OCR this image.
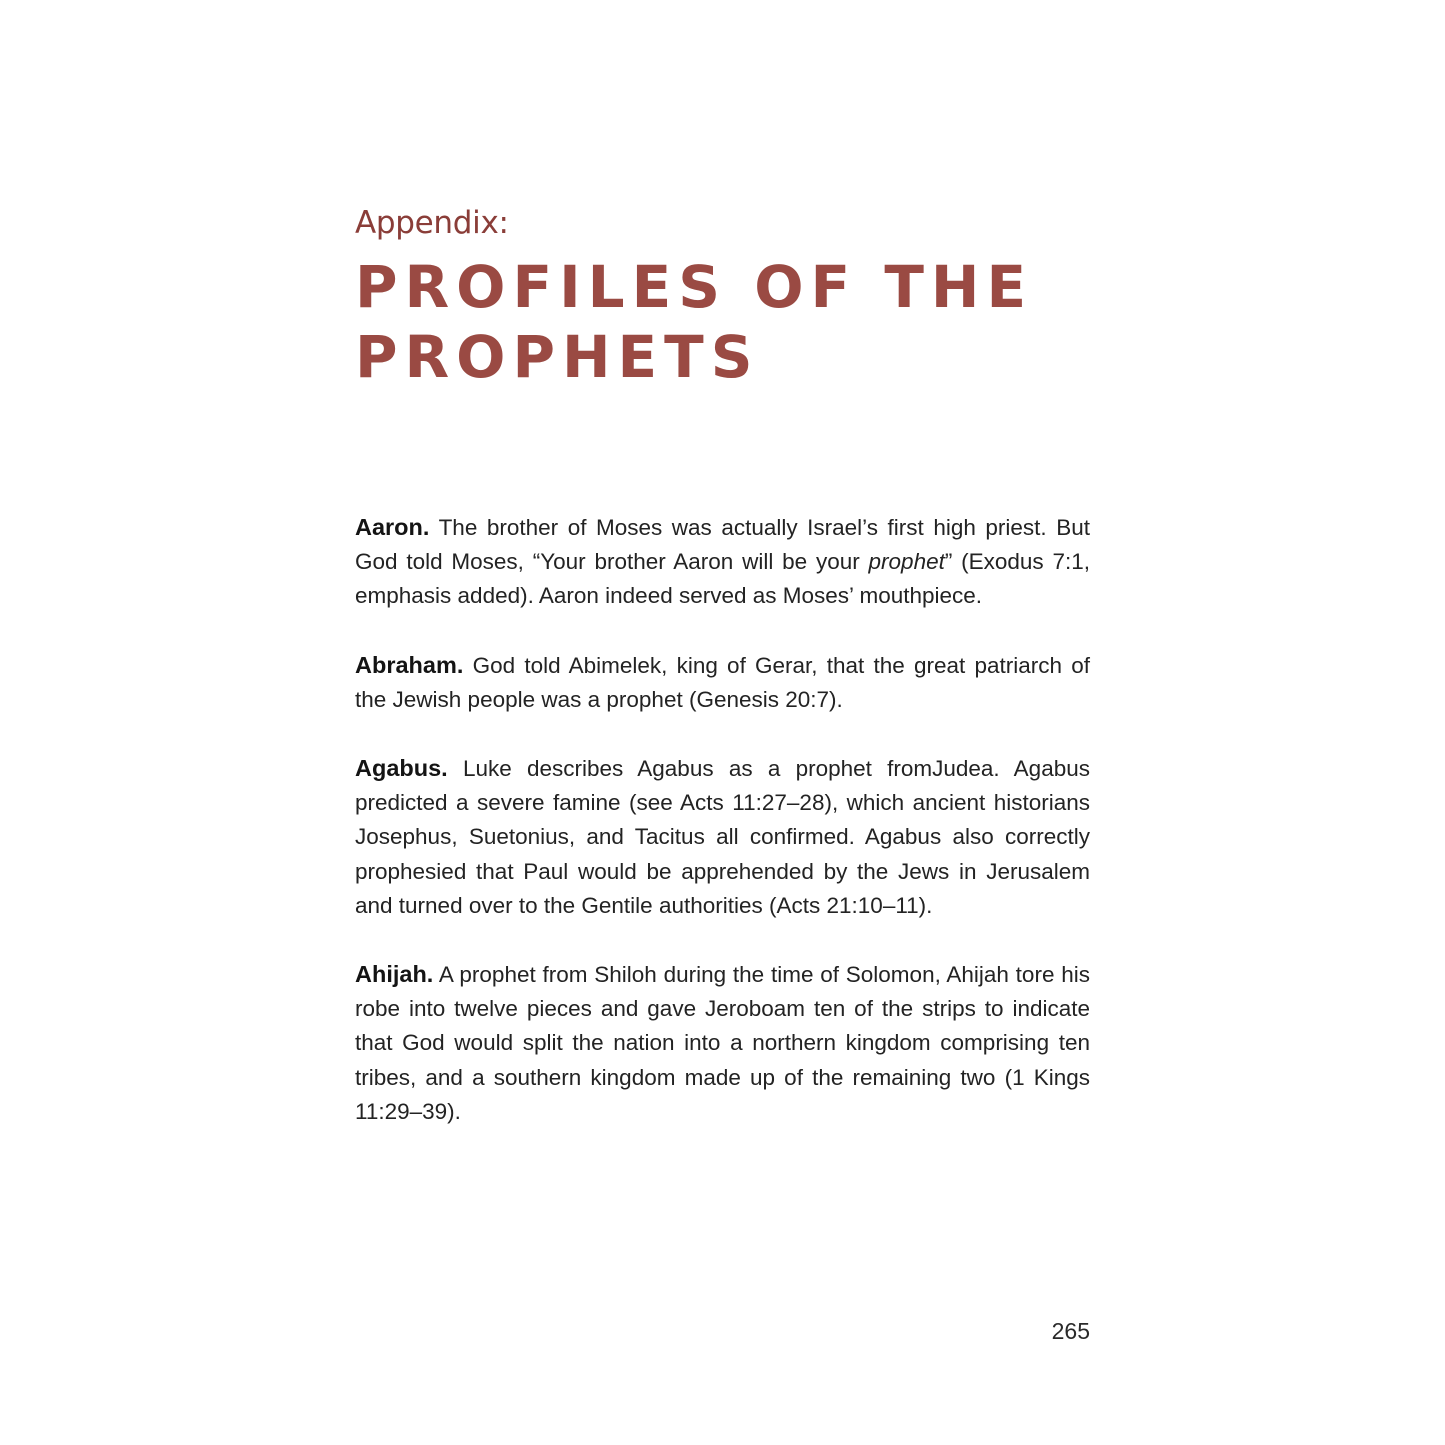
Appendix:

PROFILES OF THE
PROPHETS

Aaron. The brother of Moses was actually Israel’s first high priest. But God told Moses, “Your brother Aaron will be your prophet” (Exodus 7:1, emphasis added). Aaron indeed served as Moses’ mouthpiece.

Abraham. God told Abimelek, king of Gerar, that the great patriarch of the Jewish people was a prophet (Genesis 20:7).

Agabus. Luke describes Agabus as a prophet fromJudea. Agabus predicted a severe famine (see Acts 11:27–28), which ancient historians Josephus, Suetonius, and Tacitus all confirmed. Agabus also correctly prophesied that Paul would be apprehended by the Jews in Jerusalem and turned over to the Gentile authorities (Acts 21:10–11).

Ahijah. A prophet from Shiloh during the time of Solomon, Ahijah tore his robe into twelve pieces and gave Jeroboam ten of the strips to indicate that God would split the nation into a northern kingdom comprising ten tribes, and a southern kingdom made up of the remaining two (1 Kings 11:29–39).

265
